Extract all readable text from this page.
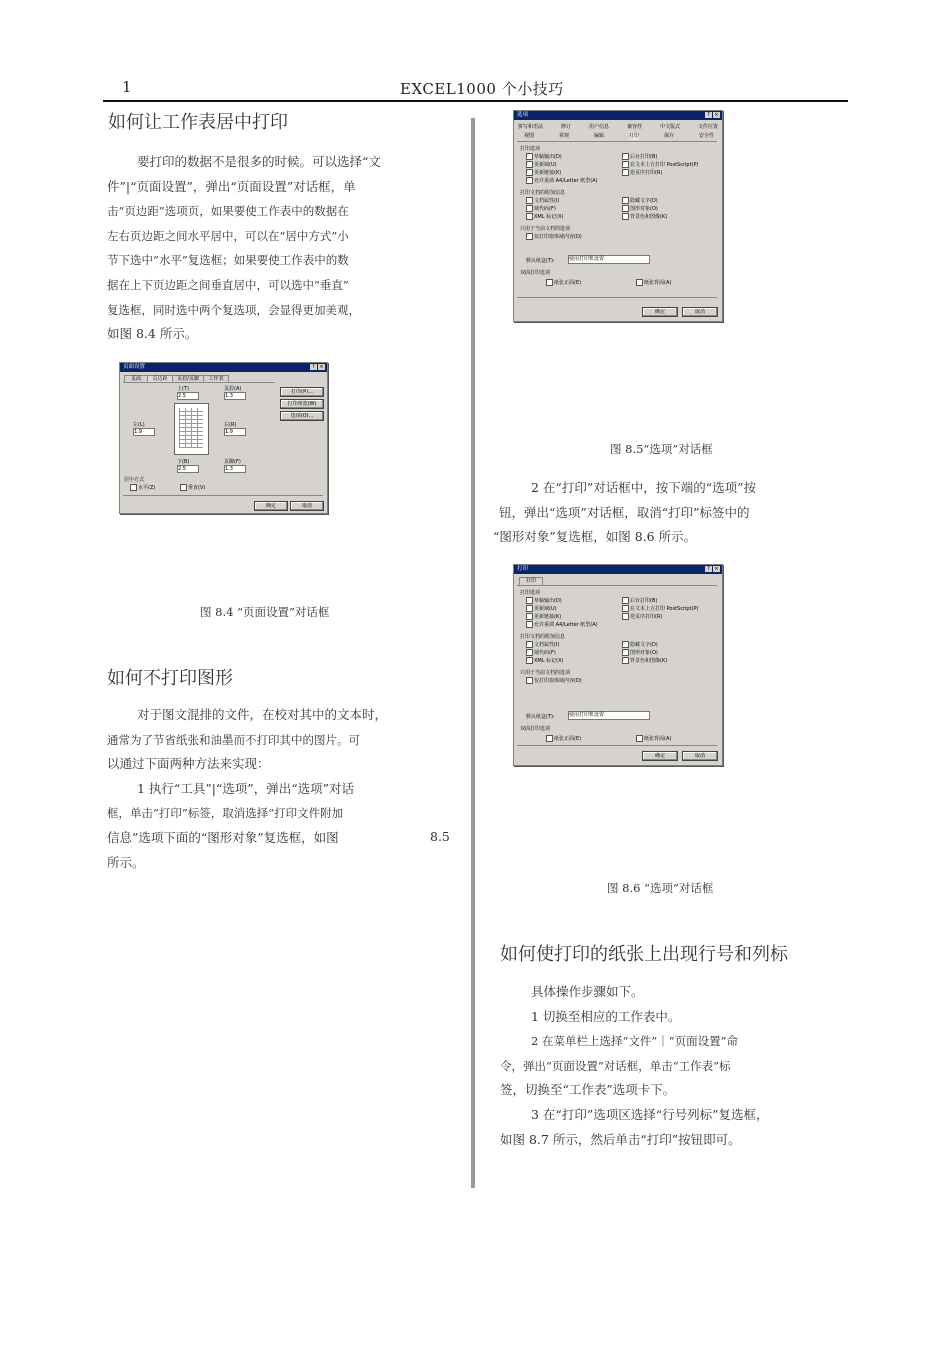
1	EXCEL1000 个小技巧
如何让工作表居中打印
要打印的数据不是很多的时候。可以选择“文
件”|“页面设置”，弹出“页面设置”对话框，单
击“页边距”选项页，如果要使工作表中的数据在
左右页边距之间水平居中，可以在“居中方式”小
节下选中“水平”复选框；如果要使工作表中的数
据在上下页边距之间垂直居中，可以选中“垂直”
复选框，同时选中两个复选项，会显得更加美观，
如图 8.4 所示。
页面设置	? ×
页面	页边距	页眉/页脚	工作表
上(T)
2.5
页眉(A)
1.3
左(L)
1.9
右(R)
1.9
下(B)
2.5
页脚(F)
1.3
打印(P)...
打印预览(W)
选项(O)...
居中方式
水平(Z)	垂直(V)
确定	取消
图 8.4 “页面设置”对话框
如何不打印图形
对于图文混排的文件，在校对其中的文本时，
通常为了节省纸张和油墨而不打印其中的图片。可
以通过下面两种方法来实现：
1 执行“工具”|“选项”，弹出“选项”对话
框，单击“打印”标签，取消选择“打印文件附加
信息”选项下面的“图形对象”复选框，如图
所示。
8.5
选项	? ×
拼写和语法	修订	用户信息	兼容性	中文版式	文件位置
视图	常规	编辑	打印	保存	安全性
打印选项
草稿输出(D)
更新域(U)
更新链接(K)
允许重调 A4/Letter 纸型(A)
后台打印(B)
在文本上方打印 PostScript(P)
逆页序打印(R)
打印文档的附加信息
文档属性(I)
域代码(F)
XML 标记(X)
隐藏文字(D)
图形对象(O)
背景色和图像(K)
只用于当前文档的选项
仅打印窗体域内容(D)
默认纸盒(T):	使用打印机设置
双面打印选项
纸张正面(E)	纸张背面(A)
确定	取消
图 8.5“选项”对话框
2 在“打印”对话框中，按下端的“选项”按
钮，弹出“选项”对话框，取消“打印”标签中的
“图形对象”复选框，如图 8.6 所示。
打印	? ×
打印
打印选项
草稿输出(D)
更新域(U)
更新链接(K)
允许重调 A4/Letter 纸型(A)
后台打印(B)
在文本上方打印 PostScript(P)
逆页序打印(R)
打印文档的附加信息
文档属性(I)
域代码(F)
XML 标记(X)
隐藏文字(D)
图形对象(O)
背景色和图像(K)
只用于当前文档的选项
仅打印窗体域内容(D)
默认纸盒(T):	使用打印机设置
双面打印选项
纸张正面(E)	纸张背面(A)
确定	取消
图 8.6 “选项”对话框
如何使打印的纸张上出现行号和列标
具体操作步骤如下。
1 切换至相应的工作表中。
2 在菜单栏上选择“文件”｜“页面设置”命
令，弹出“页面设置”对话框，单击“工作表”标
签，切换至“工作表”选项卡下。
3 在“打印”选项区选择“行号列标”复选框，
如图 8.7 所示，然后单击“打印”按钮即可。
